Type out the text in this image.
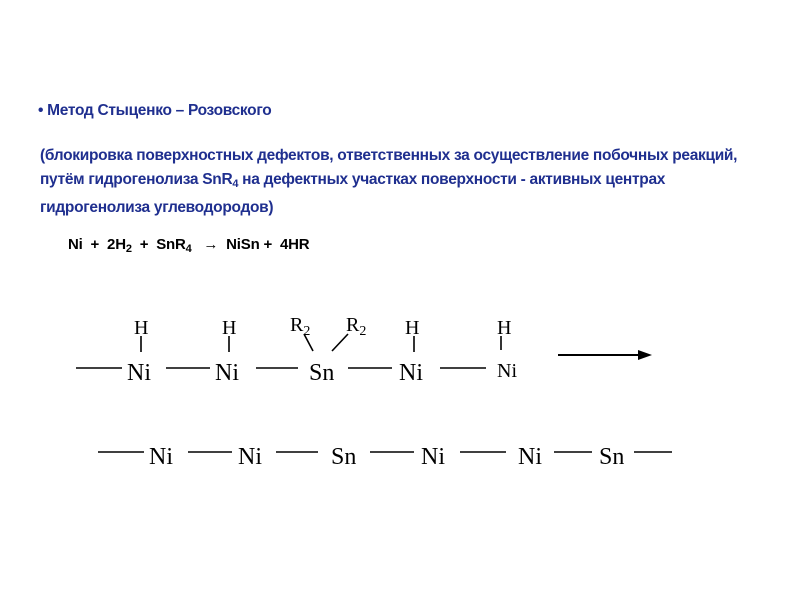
• Метод Стыценко – Розовского
(блокировка поверхностных дефектов, ответственных за осуществление побочных реакций, путём гидрогенолиза SnR$_4$ на дефектных участках поверхности - активных центрах гидрогенолиза углеводородов)
$Ni + 2H_2 + SnR_4$ → NiSn +  4HR
Ni	Ni	Sn	Ni	Ni
H	H	$R_2$ $R_2$ H	H
Ni	Ni	Sn	Ni	Ni Sn
